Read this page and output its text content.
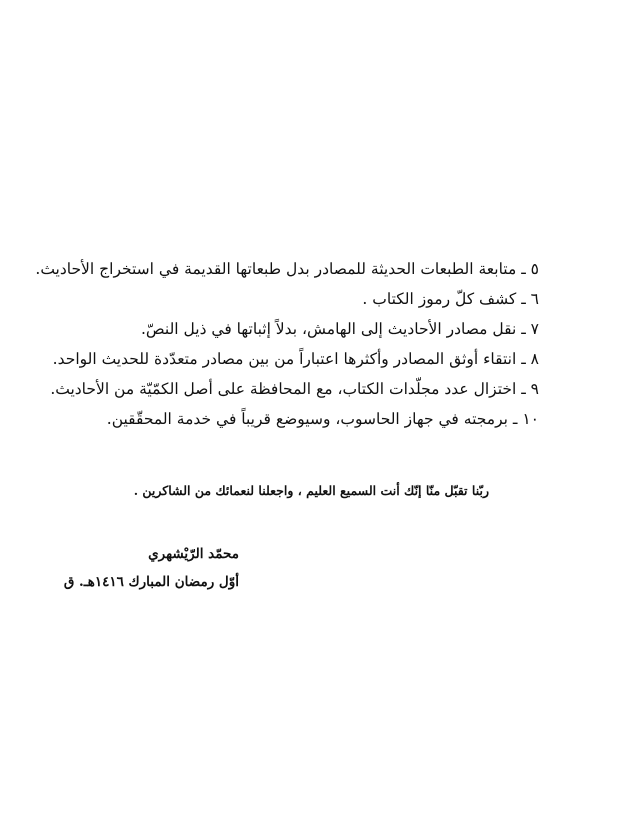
٥ ـ متابعة الطبعات الحديثة للمصادر بدل طبعاتها القديمة في استخراج الأحاديث.
٦ ـ كشف كلّ رموز الكتاب .
٧ ـ نقل مصادر الأحاديث إلى الهامش، بدلاً إثباتها في ذيل النصّ.
٨ ـ انتقاء أوثق المصادر وأكثرها اعتباراً من بين مصادر متعدّدة للحديث الواحد.
٩ ـ اختزال عدد مجلّدات الكتاب، مع المحافظة على أصل الكمّيّة من الأحاديث.
١٠ ـ برمجته في جهاز الحاسوب، وسيوضع قريباً في خدمة المحقّقين.

ربّنا تقبّل منّا إنّك أنت السميع العليم ، واجعلنا لنعمائك من الشاكرين .

محمّد الرّيْشهري
أوّل رمضان المبارك ١٤١٦هـ. ق
